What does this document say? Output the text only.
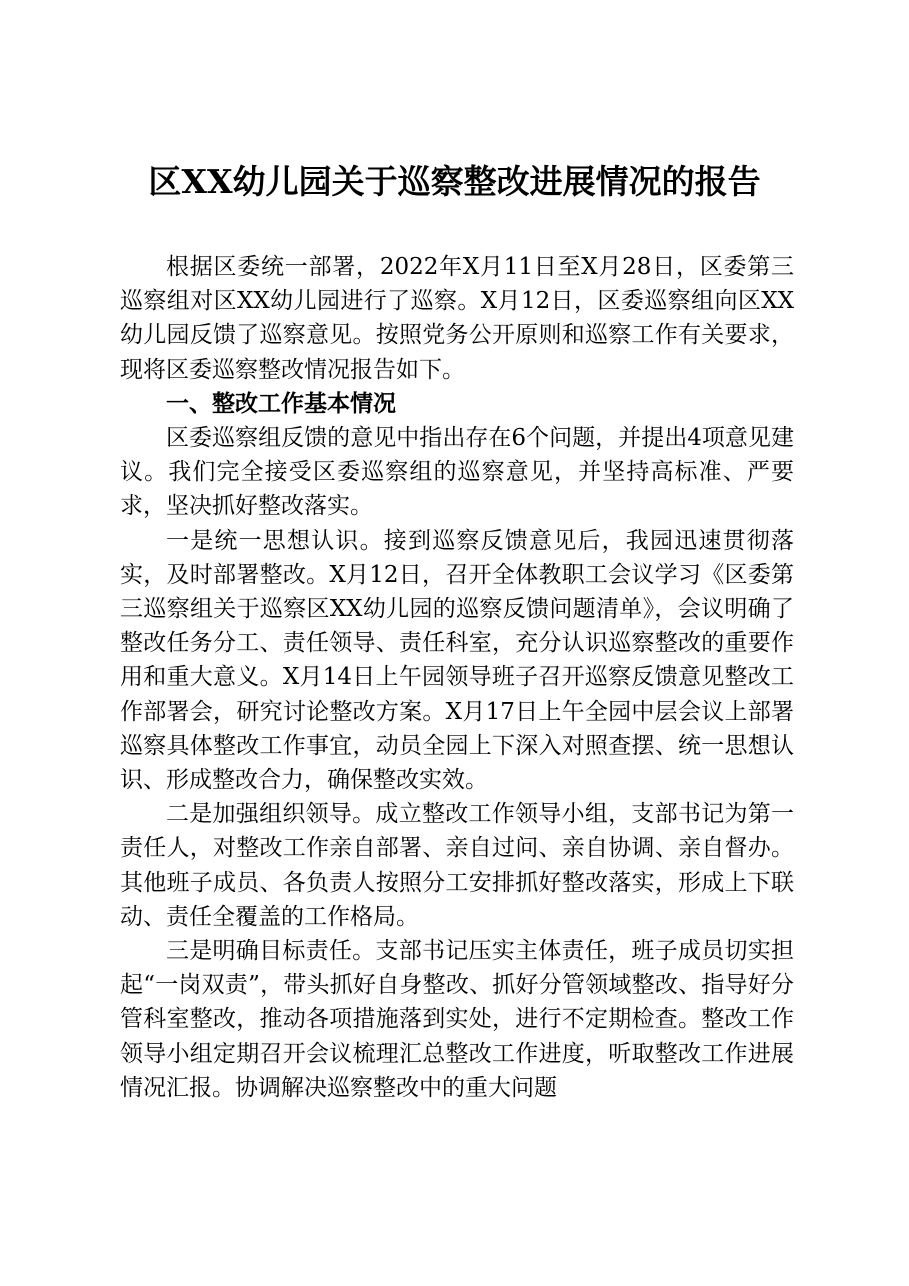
区XX幼儿园关于巡察整改进展情况的报告

根据区委统一部署，2022年X月11日至X月28日，区委第三巡察组对区XX幼儿园进行了巡察。X月12日，区委巡察组向区XX幼儿园反馈了巡察意见。按照党务公开原则和巡察工作有关要求，现将区委巡察整改情况报告如下。

一、整改工作基本情况

区委巡察组反馈的意见中指出存在6个问题，并提出4项意见建议。我们完全接受区委巡察组的巡察意见，并坚持高标准、严要求，坚决抓好整改落实。

一是统一思想认识。接到巡察反馈意见后，我园迅速贯彻落实，及时部署整改。X月12日，召开全体教职工会议学习《区委第三巡察组关于巡察区XX幼儿园的巡察反馈问题清单》，会议明确了整改任务分工、责任领导、责任科室，充分认识巡察整改的重要作用和重大意义。X月14日上午园领导班子召开巡察反馈意见整改工作部署会，研究讨论整改方案。X月17日上午全园中层会议上部署巡察具体整改工作事宜，动员全园上下深入对照查摆、统一思想认识、形成整改合力，确保整改实效。

二是加强组织领导。成立整改工作领导小组，支部书记为第一责任人，对整改工作亲自部署、亲自过问、亲自协调、亲自督办。其他班子成员、各负责人按照分工安排抓好整改落实，形成上下联动、责任全覆盖的工作格局。

三是明确目标责任。支部书记压实主体责任，班子成员切实担起“一岗双责”，带头抓好自身整改、抓好分管领域整改、指导好分管科室整改，推动各项措施落到实处，进行不定期检查。整改工作领导小组定期召开会议梳理汇总整改工作进度，听取整改工作进展情况汇报。协调解决巡察整改中的重大问题
